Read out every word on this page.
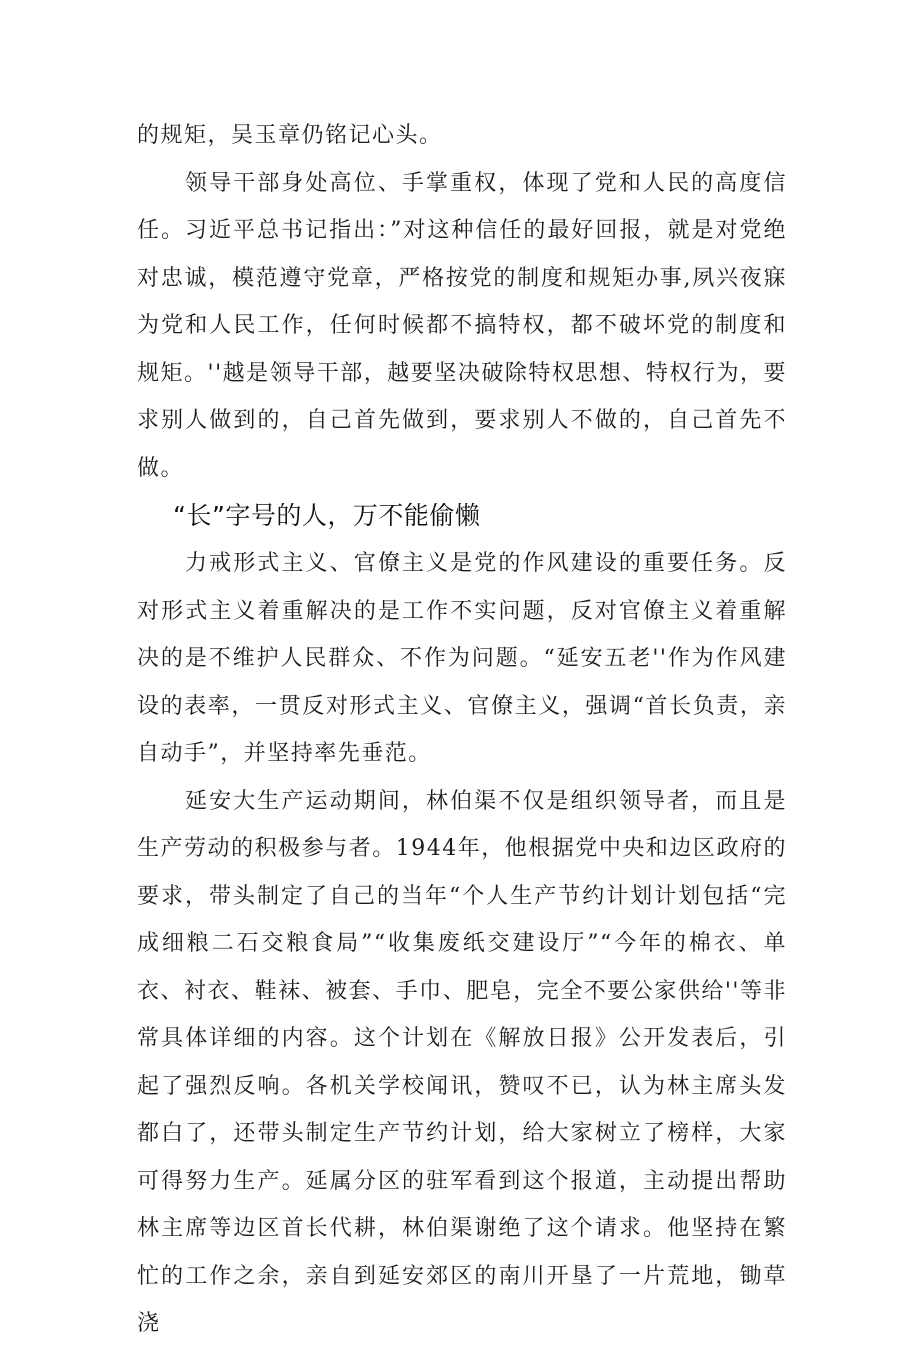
的规矩，吴玉章仍铭记心头。

领导干部身处高位、手掌重权，体现了党和人民的高度信任。习近平总书记指出：”对这种信任的最好回报，就是对党绝对忠诚，模范遵守党章，严格按党的制度和规矩办事,夙兴夜寐为党和人民工作，任何时候都不搞特权，都不破坏党的制度和规矩。''越是领导干部，越要坚决破除特权思想、特权行为，要求别人做到的，自己首先做到，要求别人不做的，自己首先不做。

“长”字号的人，万不能偷懒

力戒形式主义、官僚主义是党的作风建设的重要任务。反对形式主义着重解决的是工作不实问题，反对官僚主义着重解决的是不维护人民群众、不作为问题。“延安五老''作为作风建设的表率，一贯反对形式主义、官僚主义，强调“首长负责，亲自动手”，并坚持率先垂范。

延安大生产运动期间，林伯渠不仅是组织领导者，而且是生产劳动的积极参与者。1944年，他根据党中央和边区政府的要求，带头制定了自己的当年“个人生产节约计划计划包括“完成细粮二石交粮食局”“收集废纸交建设厅”“今年的棉衣、单衣、衬衣、鞋袜、被套、手巾、肥皂，完全不要公家供给''等非常具体详细的内容。这个计划在《解放日报》公开发表后，引起了强烈反响。各机关学校闻讯，赞叹不已，认为林主席头发都白了，还带头制定生产节约计划，给大家树立了榜样，大家可得努力生产。延属分区的驻军看到这个报道，主动提出帮助林主席等边区首长代耕，林伯渠谢绝了这个请求。他坚持在繁忙的工作之余，亲自到延安郊区的南川开垦了一片荒地，锄草浇
